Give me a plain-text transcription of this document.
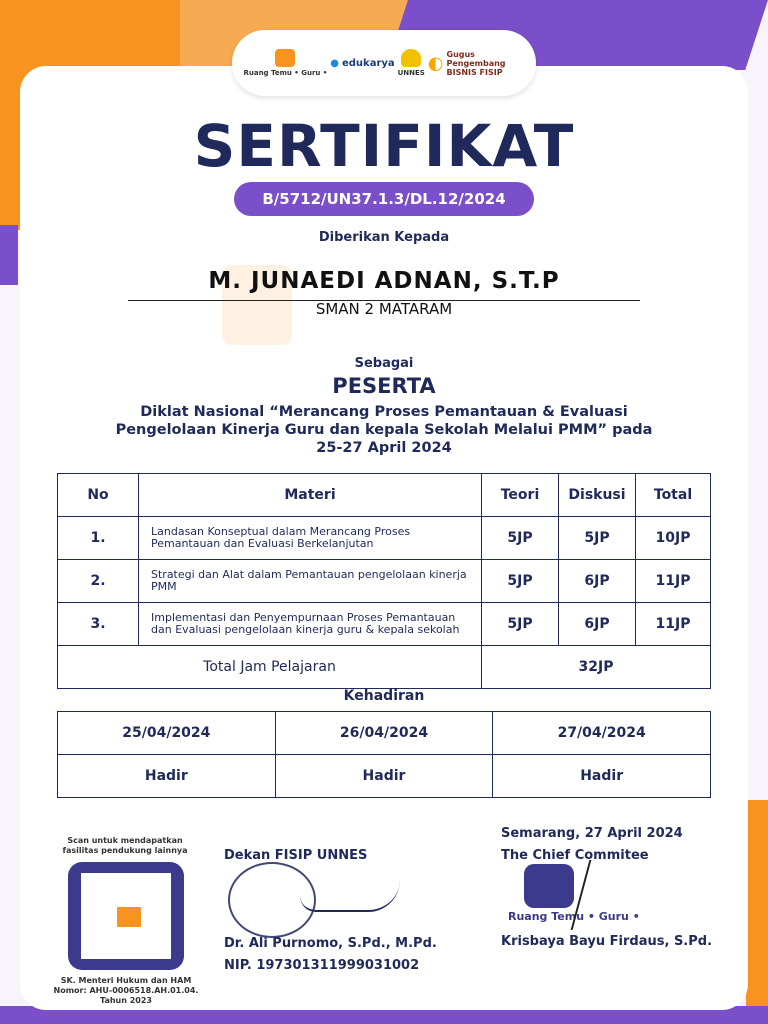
Ruang Temu • Guru •
● edukarya
UNNES ◐ Gugus Pengembang BISNIS FISIP
SERTIFIKAT
B/5712/UN37.1.3/DL.12/2024
Diberikan Kepada
M. JUNAEDI ADNAN, S.T.P
SMAN 2 MATARAM
Sebagai
PESERTA
Diklat Nasional “Merancang Proses Pemantauan & Evaluasi
Pengelolaan Kinerja Guru dan kepala Sekolah Melalui PMM” pada
25-27 April 2024
No	Materi	Teori	Diskusi	Total
1.	Landasan Konseptual dalam Merancang Proses Pemantauan dan Evaluasi Berkelanjutan	5JP	5JP	10JP
2.	Strategi dan Alat dalam Pemantauan pengelolaan kinerja PMM	5JP	6JP	11JP
3.	Implementasi dan Penyempurnaan Proses Pemantauan dan Evaluasi pengelolaan kinerja guru & kepala sekolah	5JP	6JP	11JP
Total Jam Pelajaran		32JP		
Kehadiran
25/04/2024	26/04/2024	27/04/2024
Hadir	Hadir	Hadir
Scan untuk mendapatkan fasilitas pendukung lainnya
SK. Menteri Hukum dan HAM Nomor: AHU-0006518.AH.01.04. Tahun 2023
Dekan FISIP UNNES
Dr. Ali Purnomo, S.Pd., M.Pd.
NIP. 197301311999031002
Semarang, 27 April 2024
The Chief Commitee
Ruang Temu • Guru •
Krisbaya Bayu Firdaus, S.Pd.
